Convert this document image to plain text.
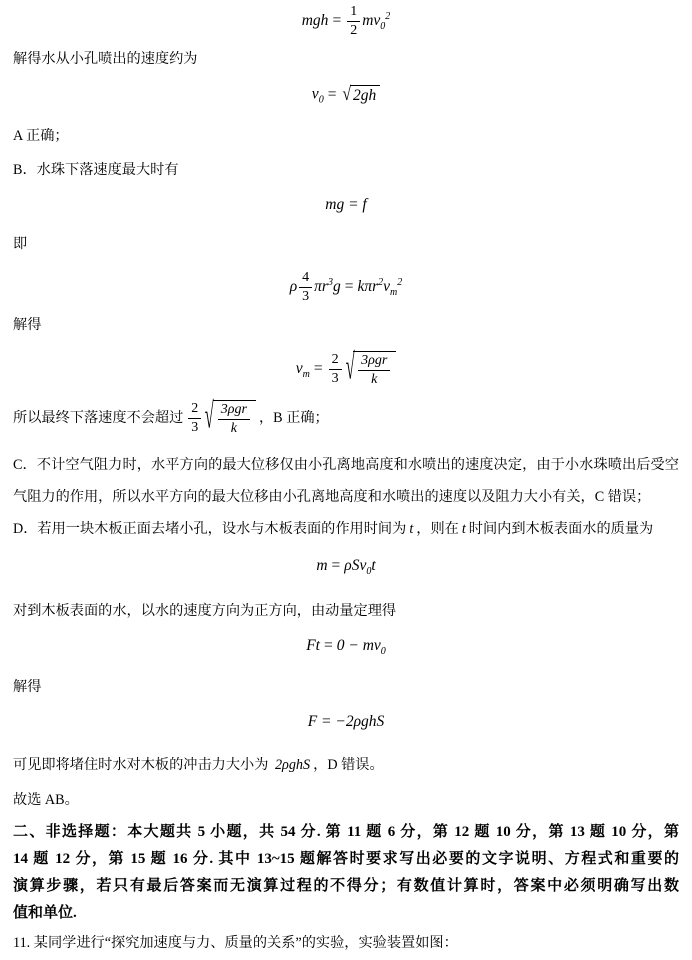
mgh = $\frac{1}{2} mv_0^2$
解得水从小孔喷出的速度约为
$v_0$ = √ 2gh
A 正确；
B．水珠下落速度最大时有
mg = f
即
ρ $\frac{4}{3} \pi r^3g = k\pi r^2v_m^2$
解得
$v_m = \frac{2}{3}$ √ $\frac{\text{3ρgr}}{k}$
所以最终下落速度不会超过 $\frac{2}{3}$ √ $\frac{\text{3ρgr}}{k}$ ，B 正确；
C．不计空气阻力时，水平方向的最大位移仅由小孔离地高度和水喷出的速度决定，由于小水珠喷出后受空
气阻力的作用，所以水平方向的最大位移由小孔离地高度和水喷出的速度以及阻力大小有关，C 错误；
D．若用一块木板正面去堵小孔，设水与木板表面的作用时间为 t ，则在 t 时间内到木板表面水的质量为
m = ρSv$_0$t
对到木板表面的水，以水的速度方向为正方向，由动量定理得
$Ft = 0 - mv_0$
解得
F = −2ρghS
可见即将堵住时水对木板的冲击力大小为 2ρghS ，D 错误。
故选 AB。
二、非选择题：本大题共 5 小题，共 54 分. 第 11 题 6 分，第 12 题 10 分，第 13 题 10 分，第
14 题 12 分，第 15 题 16 分. 其中 13~15 题解答时要求写出必要的文字说明、方程式和重要的
演算步骤，若只有最后答案而无演算过程的不得分；有数值计算时，答案中必须明确写出数
值和单位.
11. 某同学进行“探究加速度与力、质量的关系”的实验，实验装置如图：
